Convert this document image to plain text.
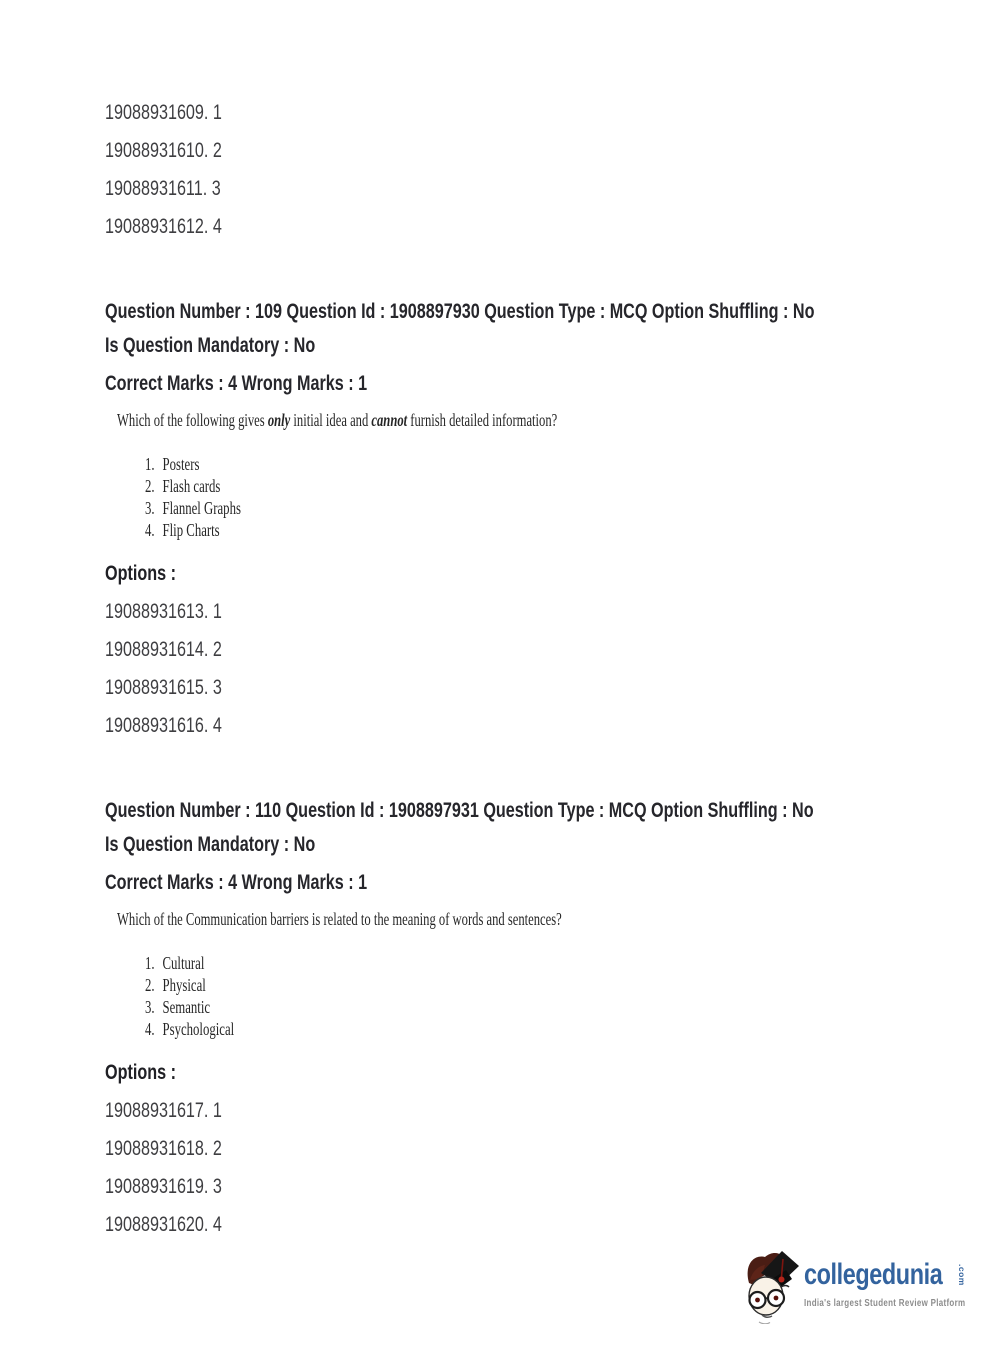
19088931609. 1
19088931610. 2
19088931611. 3
19088931612. 4
Question Number : 109 Question Id : 1908897930 Question Type : MCQ Option Shuffling : No
Is Question Mandatory : No
Correct Marks : 4 Wrong Marks : 1
Which of the following gives only initial idea and cannot furnish detailed information?
1. Posters
2. Flash cards
3. Flannel Graphs
4. Flip Charts
Options :
19088931613. 1
19088931614. 2
19088931615. 3
19088931616. 4
Question Number : 110 Question Id : 1908897931 Question Type : MCQ Option Shuffling : No
Is Question Mandatory : No
Correct Marks : 4 Wrong Marks : 1
Which of the Communication barriers is related to the meaning of words and sentences?
1. Cultural
2. Physical
3. Semantic
4. Psychological
Options :
19088931617. 1
19088931618. 2
19088931619. 3
19088931620. 4
collegedunia .com
India's largest Student Review Platform
